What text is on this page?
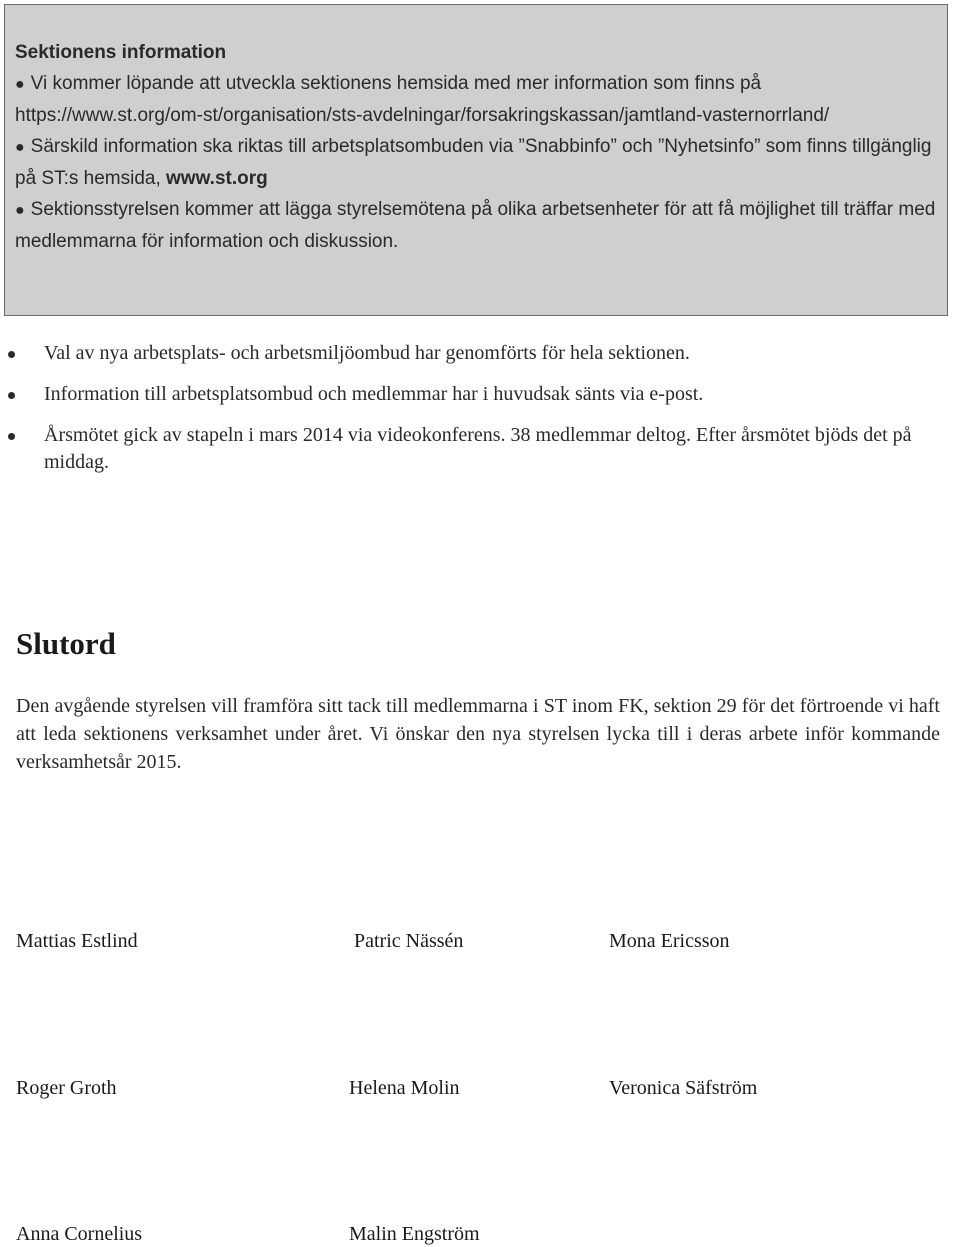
Sektionens information

● Vi kommer löpande att utveckla sektionens hemsida med mer information som finns på https://www.st.org/om-st/organisation/sts-avdelningar/forsakringskassan/jamtland-vasternorrland/

● Särskild information ska riktas till arbetsplatsombuden via ”Snabbinfo” och ”Nyhetsinfo” som finns tillgänglig på ST:s hemsida, www.st.org

● Sektionsstyrelsen kommer att lägga styrelsemötena på olika arbetsenheter för att få möjlighet till träffar med medlemmarna för information och diskussion.

Val av nya arbetsplats- och arbetsmiljöombud har genomförts för hela sektionen.
Information till arbetsplatsombud och medlemmar har i huvudsak sänts via e-post.
Årsmötet gick av stapeln i mars 2014 via videokonferens. 38 medlemmar deltog. Efter årsmötet bjöds det på middag.
Slutord

Den avgående styrelsen vill framföra sitt tack till medlemmarna i ST inom FK, sektion 29 för det förtroende vi haft att leda sektionens verksamhet under året. Vi önskar den nya styrelsen lycka till i deras arbete inför kommande verksamhetsår 2015.

Mattias Estlind	Patric Nässén	Mona Ericsson
Roger Groth	Helena Molin	Veronica Säfström
Anna Cornelius	Malin Engström
